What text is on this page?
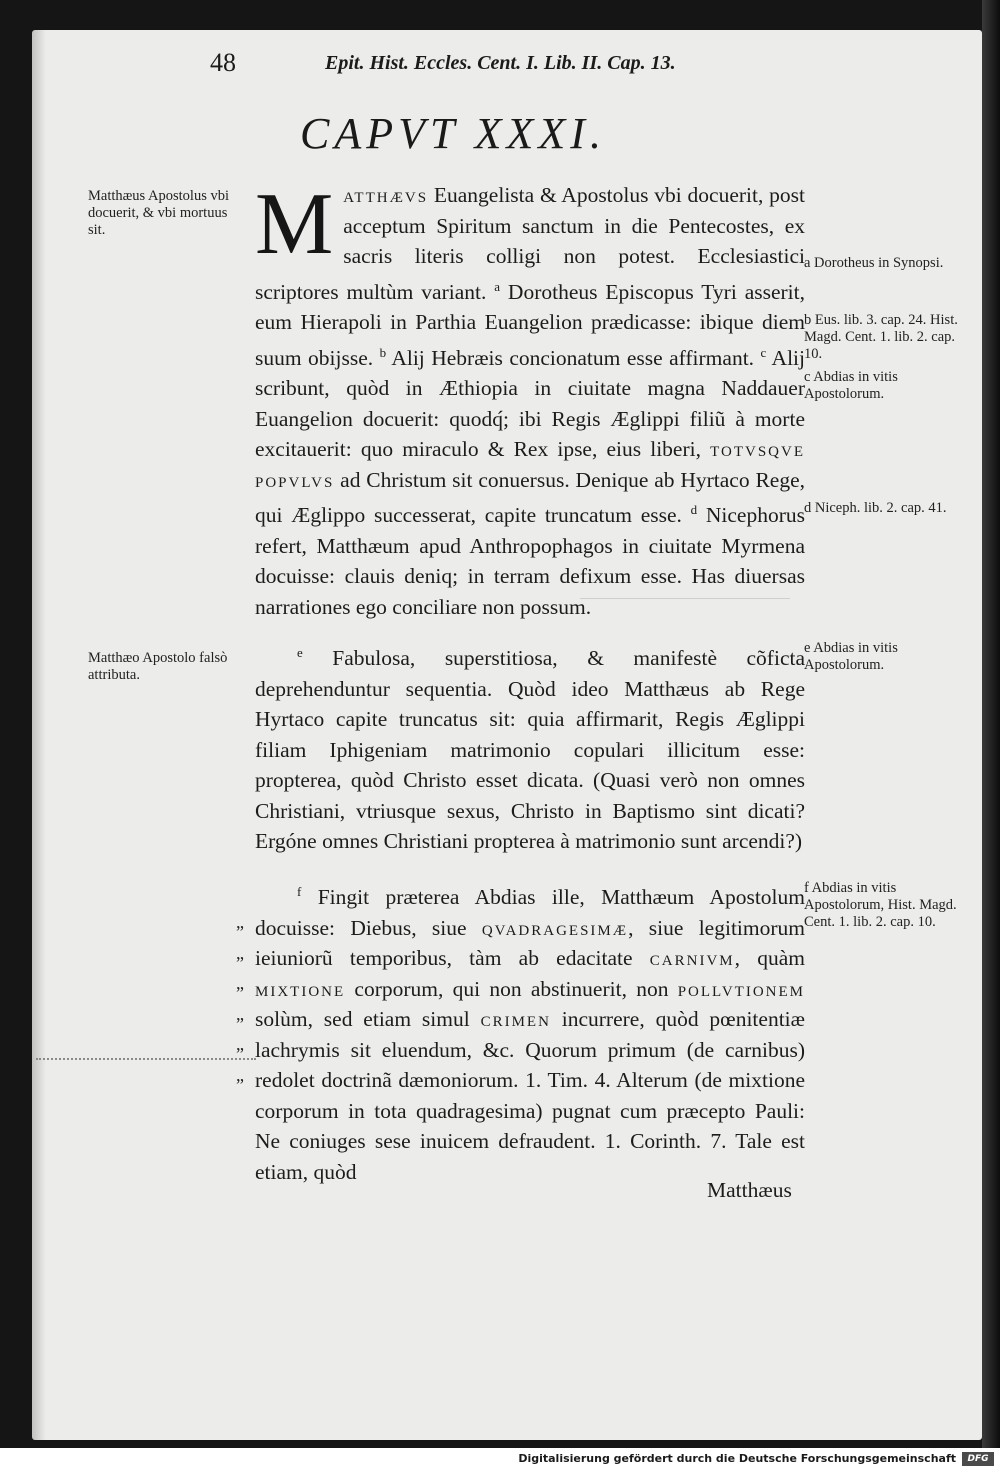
48	Epit. Hist. Eccles. Cent. I. Lib. II. Cap. 13.
CAPVT XXXI.
Matthæus Apostolus vbi docuerit, & vbi mortuus sit.
Matthæo Apostolo falsò attributa.
a Dorotheus in Synopsi.
b Eus. lib. 3. cap. 24. Hist. Magd. Cent. 1. lib. 2. cap. 10.
c Abdias in vitis Apostolorum.
d Niceph. lib. 2. cap. 41.
e Abdias in vitis Apostolorum.
f Abdias in vitis Apostolorum, Hist. Magd. Cent. 1. lib. 2. cap. 10.

Matthævs Euangelista & Apostolus vbi docuerit, post acceptum Spiritum sanctum in die Pentecostes, ex sacris literis colligi non potest. Ecclesiastici scriptores multùm variant. $^a$ Dorotheus Episcopus Tyri asserit, eum Hierapoli in Parthia Euangelion prædicasse: ibique diem suum obijsse. $^b$ Alij Hebræis concionatum esse affirmant. $^c$ Alij scribunt, quòd in Æthiopia in ciuitate magna Naddauer Euangelion docuerit: quodq́; ibi Regis Æglippi filiũ à morte excitauerit: quo miraculo & Rex ipse, eius liberi, totvsqve popvlvs ad Christum sit conuersus. Denique ab Hyrtaco Rege, qui Æglippo successerat, capite truncatum esse. $^d$ Nicephorus refert, Matthæum apud Anthropophagos in ciuitate Myrmena docuisse: clauis deniq; in terram defixum esse. Has diuersas narrationes ego conciliare non possum.

$^e$ Fabulosa, superstitiosa, & manifestè cõficta deprehenduntur sequentia. Quòd ideo Matthæus ab Rege Hyrtaco capite truncatus sit: quia affirmarit, Regis Æglippi filiam Iphigeniam matrimonio copulari illicitum esse: propterea, quòd Christo esset dicata. (Quasi verò non omnes Christiani, vtriusque sexus, Christo in Baptismo sint dicati? Ergóne omnes Christiani propterea à matrimonio sunt arcendi?)

„
„
„
„
„
„

$^f$ Fingit præterea Abdias ille, Matthæum Apostolum docuisse: Diebus, siue qvadragesimæ, siue legitimorum ieiuniorũ temporibus, tàm ab edacitate carnivm, quàm mixtione corporum, qui non abstinuerit, non pollvtionem solùm, sed etiam simul crimen incurrere, quòd pœnitentiæ lachrymis sit eluendum, &c. Quorum primum (de carnibus) redolet doctrinã dæmoniorum. 1. Tim. 4. Alterum (de mixtione corporum in tota quadragesima) pugnat cum præcepto Pauli: Ne coniuges sese inuicem defraudent. 1. Corinth. 7. Tale est etiam, quòd

Matthæus
Digitalisierung gefördert durch die Deutsche Forschungsgemeinschaft	DFG
